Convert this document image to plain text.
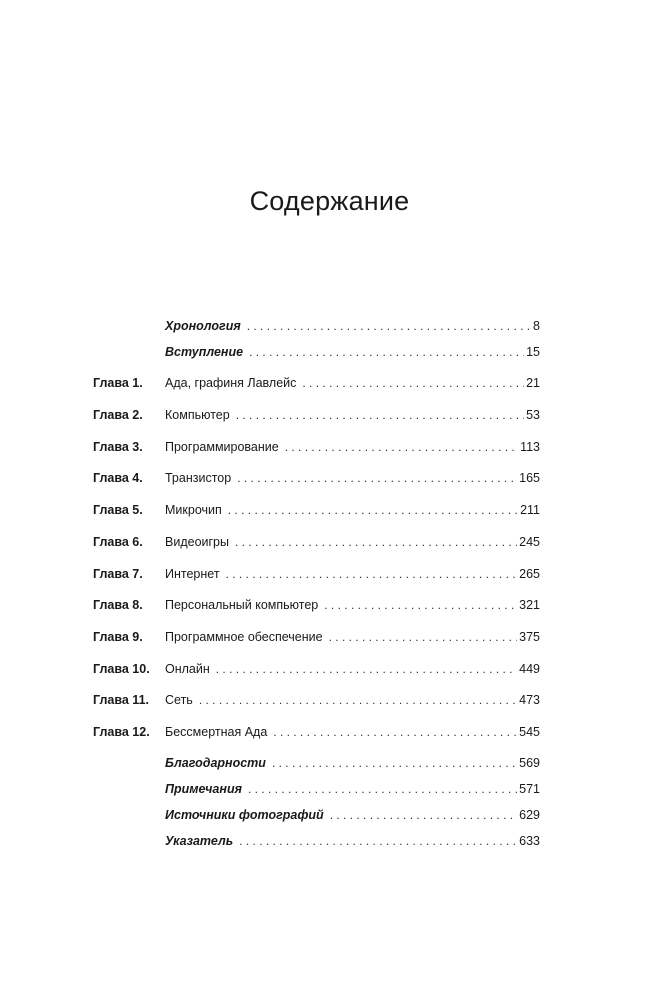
Содержание
Хронология . . .	8
Вступление . . .	15
Глава 1. Ада, графиня Лавлейс . . .	21
Глава 2. Компьютер . . .	53
Глава 3. Программирование . . .	113
Глава 4. Транзистор . . .	165
Глава 5. Микрочип . . .	211
Глава 6. Видеоигры . . .	245
Глава 7. Интернет . . .	265
Глава 8. Персональный компьютер . . .	321
Глава 9. Программное обеспечение . . .	375
Глава 10. Онлайн . . .	449
Глава 11. Сеть . . .	473
Глава 12. Бессмертная Ада . . .	545
Благодарности . . .	569
Примечания . . .	571
Источники фотографий . . .	629
Указатель . . .	633
